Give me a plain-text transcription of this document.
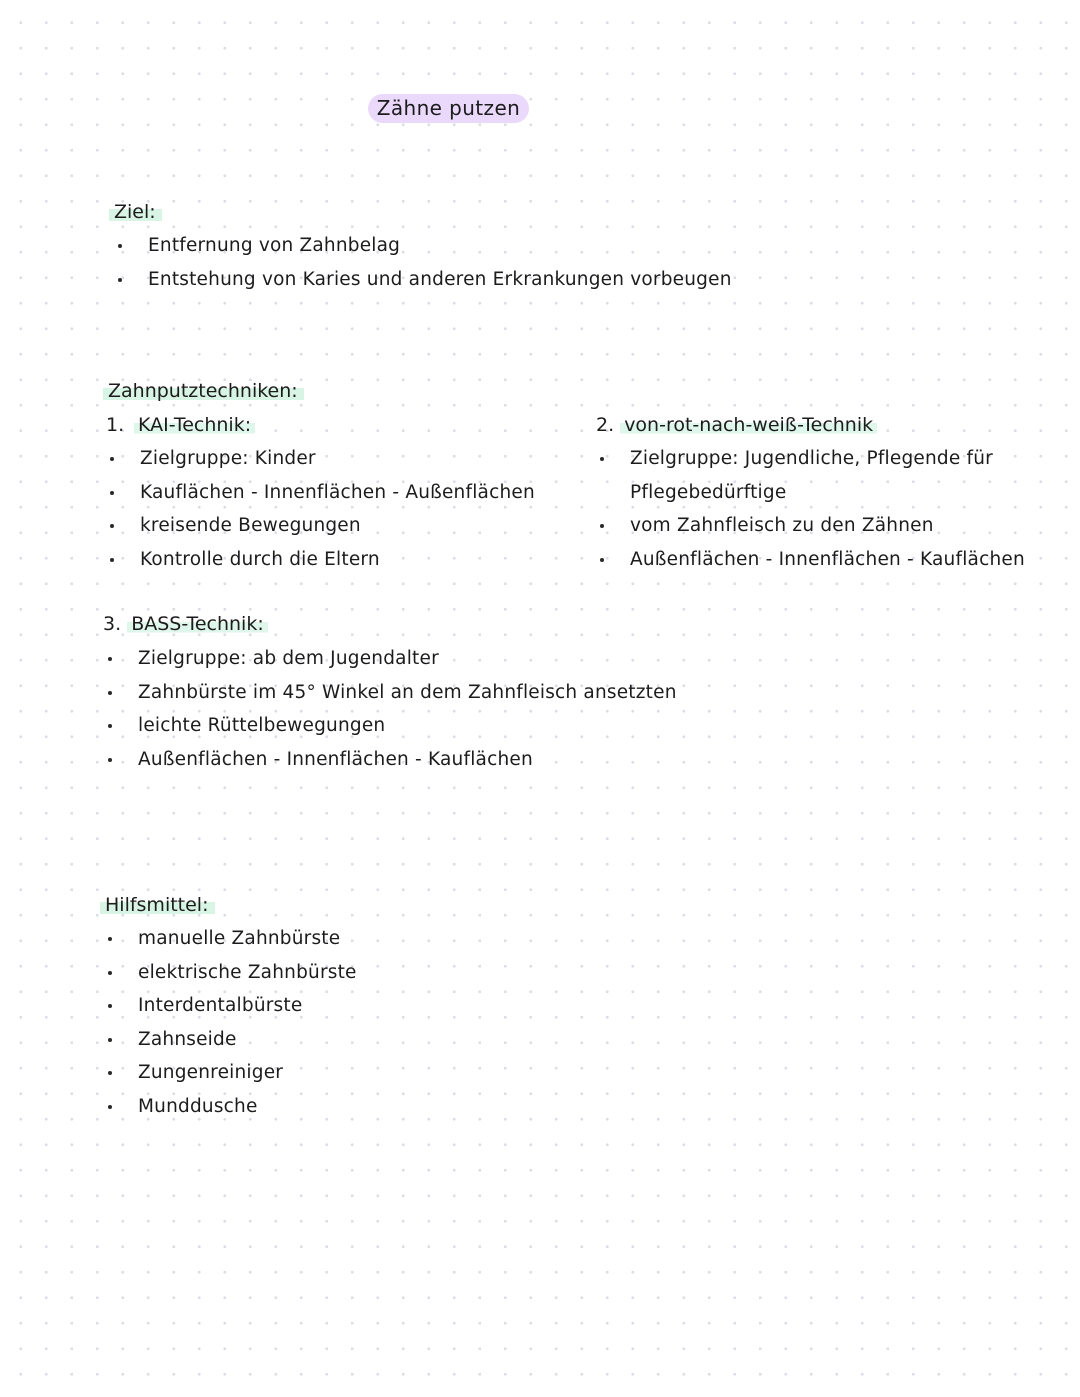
Zähne putzen
Ziel:
Entfernung von Zahnbelag
Entstehung von Karies und anderen Erkrankungen vorbeugen
Zahnputztechniken:
1. KAI-Technik:
Zielgruppe: Kinder
Kauflächen - Innenflächen - Außenflächen
kreisende Bewegungen
Kontrolle durch die Eltern
2. von-rot-nach-weiß-Technik
Zielgruppe: Jugendliche, Pflegende für Pflegebedürftige
vom Zahnfleisch zu den Zähnen
Außenflächen - Innenflächen - Kauflächen
3. BASS-Technik:
Zielgruppe: ab dem Jugendalter
Zahnbürste im 45° Winkel an dem Zahnfleisch ansetzten
leichte Rüttelbewegungen
Außenflächen - Innenflächen - Kauflächen
Hilfsmittel:
manuelle Zahnbürste
elektrische Zahnbürste
Interdentalbürste
Zahnseide
Zungenreiniger
Munddusche
